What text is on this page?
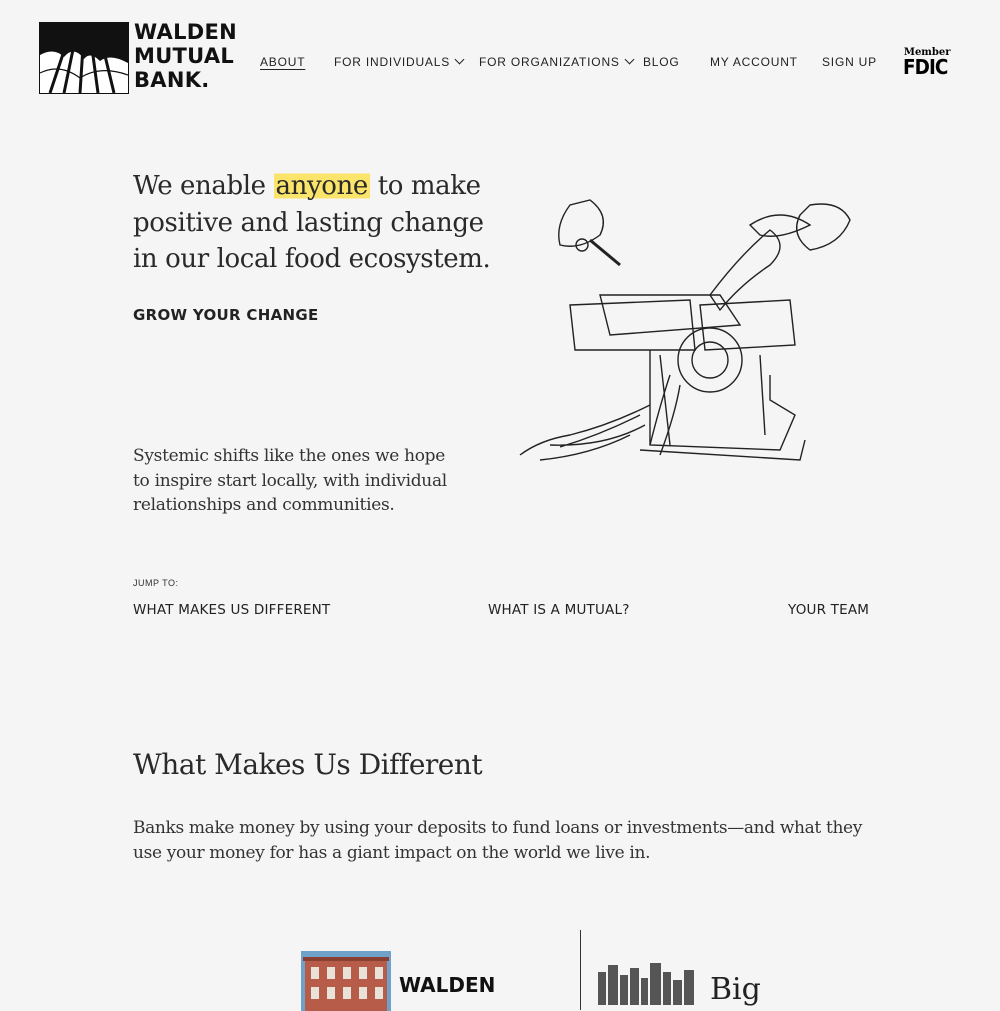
WALDEN
MUTUAL
BANK.
ABOUT FOR INDIVIDUALS	FOR ORGANIZATIONS	BLOG	MY ACCOUNT SIGN UP
Member
FDIC
We enable anyone to make positive and lasting change in our local food ecosystem.
GROW YOUR CHANGE

Systemic shifts like the ones we hope to inspire start locally, with individual relationships and communities.

JUMP TO:
WHAT MAKES US DIFFERENT	WHAT IS A MUTUAL?	YOUR TEAM
What Makes Us Different

Banks make money by using your deposits to fund loans or investments—and what they use your money for has a giant impact on the world we live in.

WALDEN	Big
